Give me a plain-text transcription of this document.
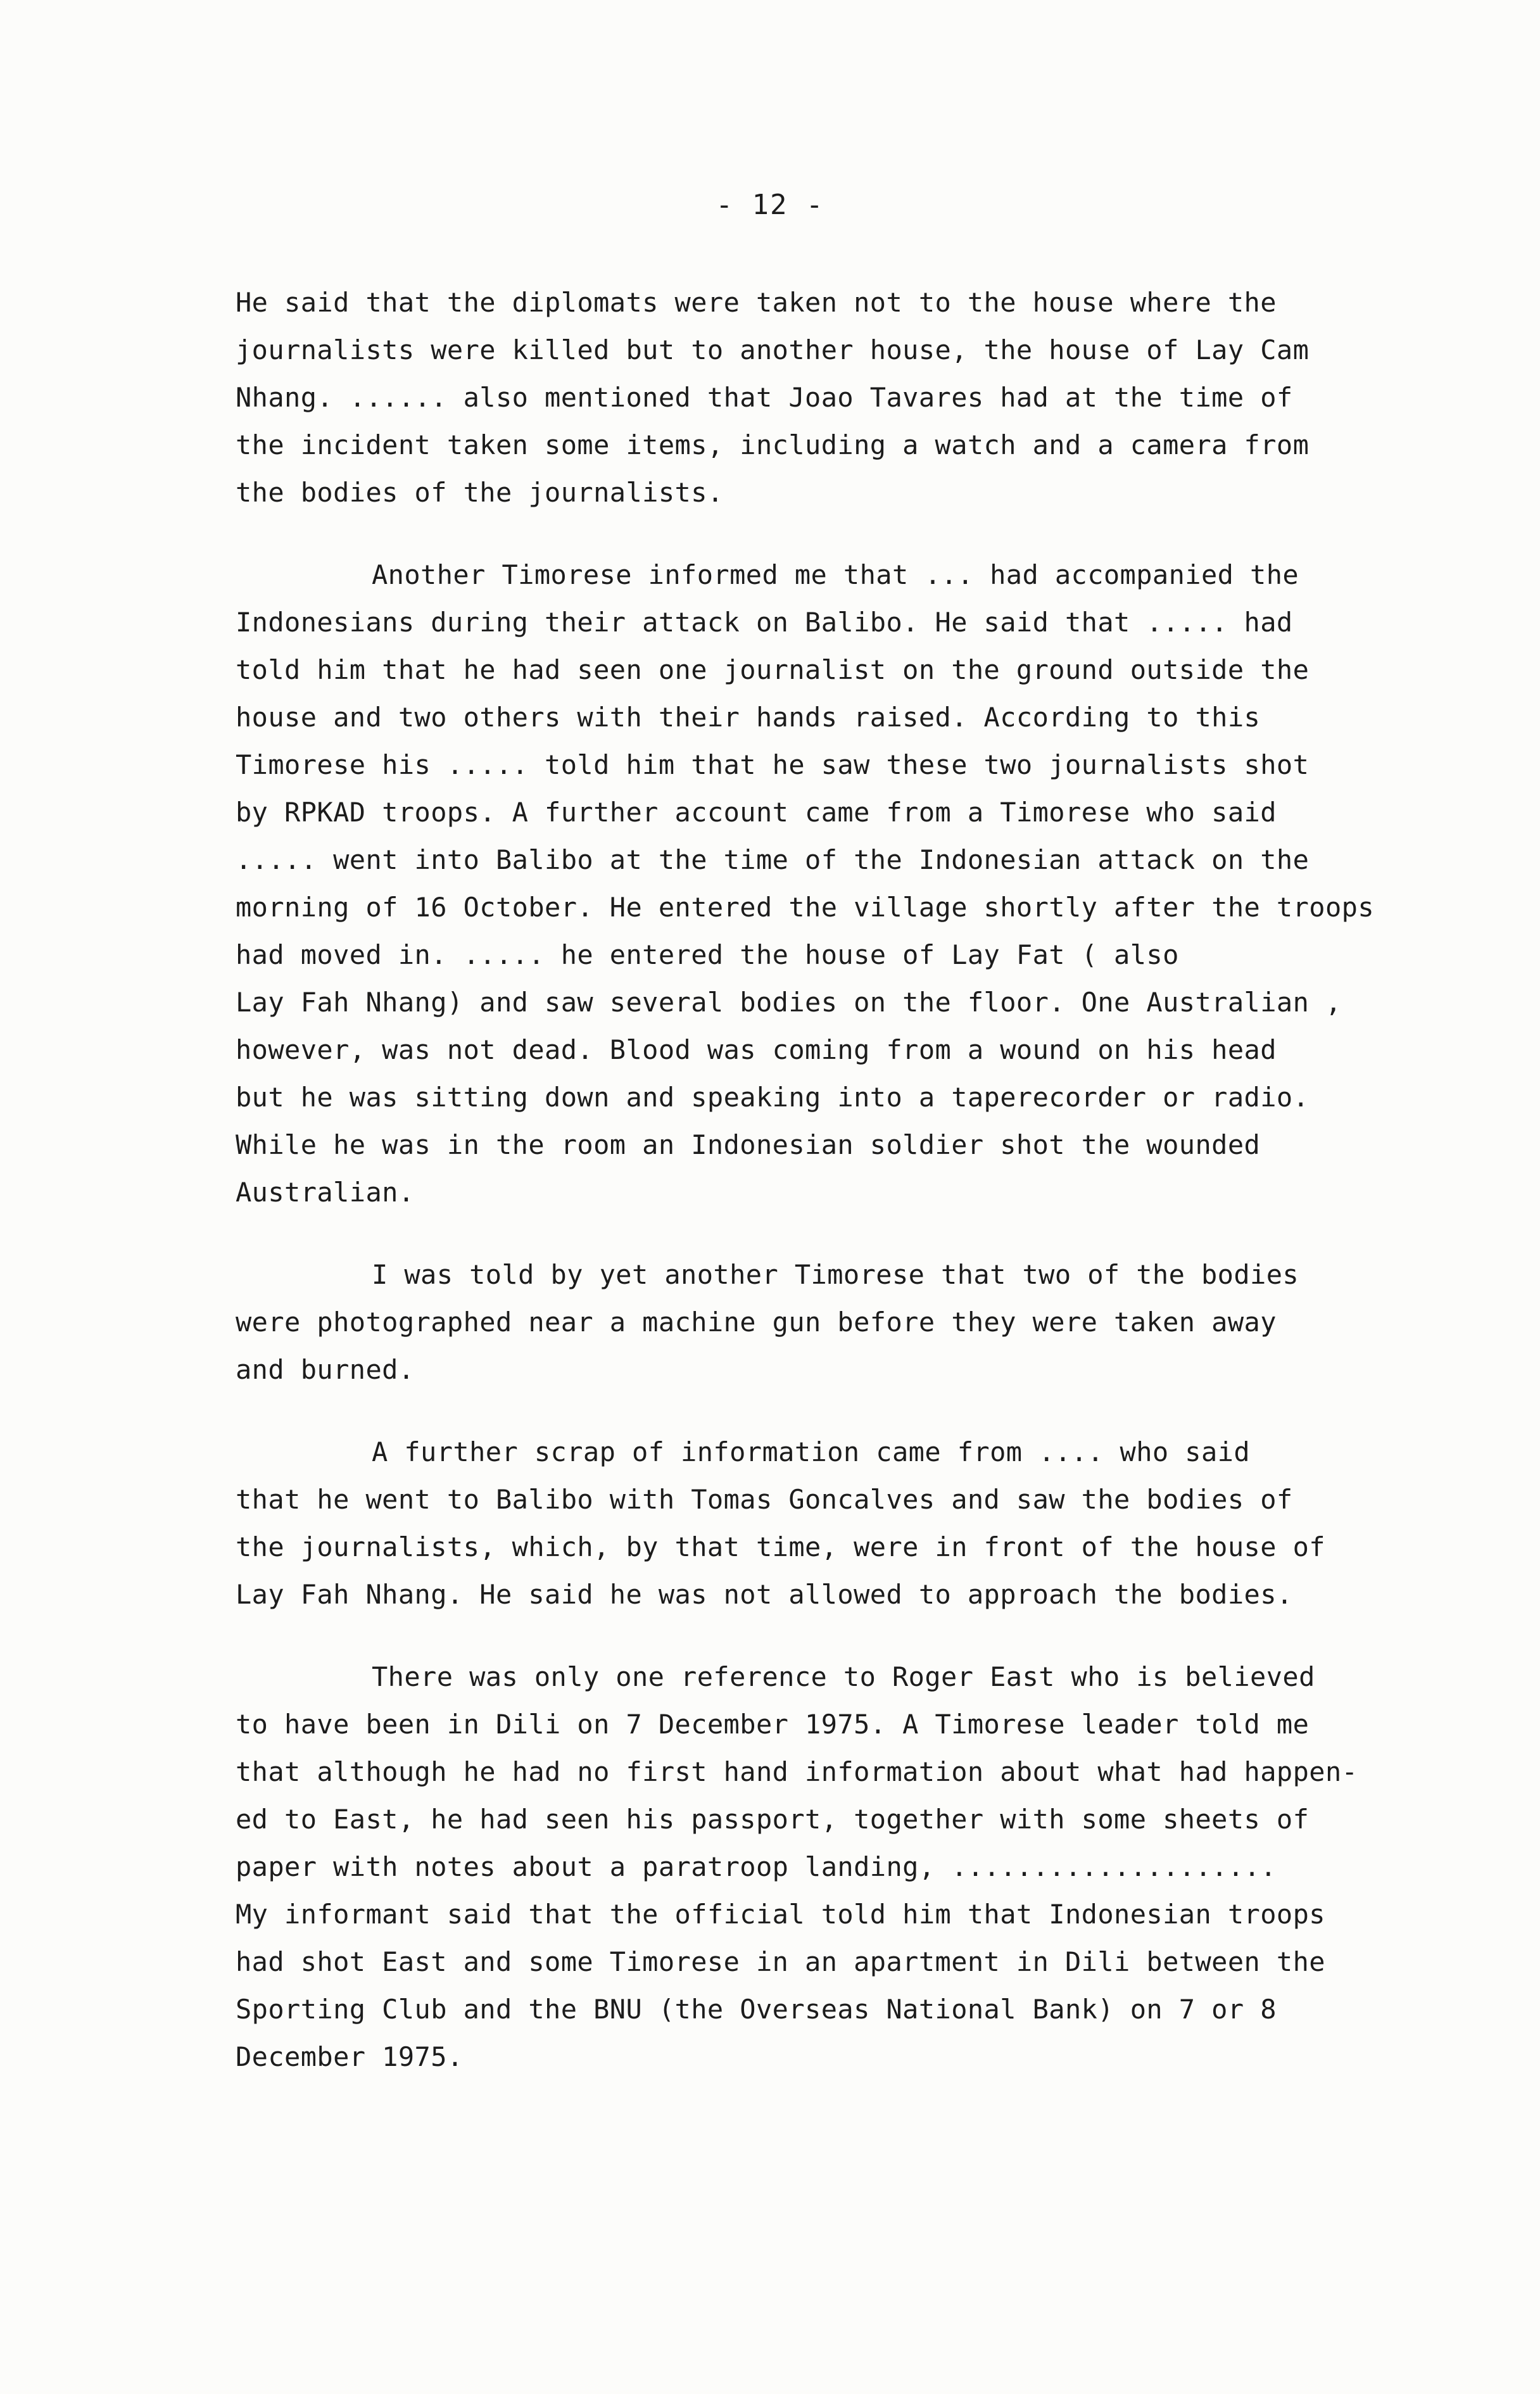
- 12 -

He said that the diplomats were taken not to the house where the
journalists were killed but to another house, the house of Lay Cam
Nhang. ...... also mentioned that Joao Tavares had at the time of
the incident taken some items, including a watch and a camera from
the bodies of the journalists.

Another Timorese informed me that ... had accompanied the
Indonesians during their attack on Balibo. He said that ..... had
told him that he had seen one journalist on the ground outside the
house and two others with their hands raised. According to this
Timorese his ..... told him that he saw these two journalists shot
by RPKAD troops. A further account came from a Timorese who said
..... went into Balibo at the time of the Indonesian attack on the
morning of 16 October. He entered the village shortly after the troops
had moved in. ..... he entered the house of Lay Fat ( also
Lay Fah Nhang) and saw several bodies on the floor. One Australian ,
however, was not dead. Blood was coming from a wound on his head
but he was sitting down and speaking into a taperecorder or radio.
While he was in the room an Indonesian soldier shot the wounded
Australian.

I was told by yet another Timorese that two of the bodies
were photographed near a machine gun before they were taken away
and burned.

A further scrap of information came from .... who said
that he went to Balibo with Tomas Goncalves and saw the bodies of
the journalists, which, by that time, were in front of the house of
Lay Fah Nhang. He said he was not allowed to approach the bodies.

There was only one reference to Roger East who is believed
to have been in Dili on 7 December 1975. A Timorese leader told me
that although he had no first hand information about what had happen-
ed to East, he had seen his passport, together with some sheets of
paper with notes about a paratroop landing, ....................
My informant said that the official told him that Indonesian troops
had shot East and some Timorese in an apartment in Dili between the
Sporting Club and the BNU (the Overseas National Bank) on 7 or 8
December 1975.
